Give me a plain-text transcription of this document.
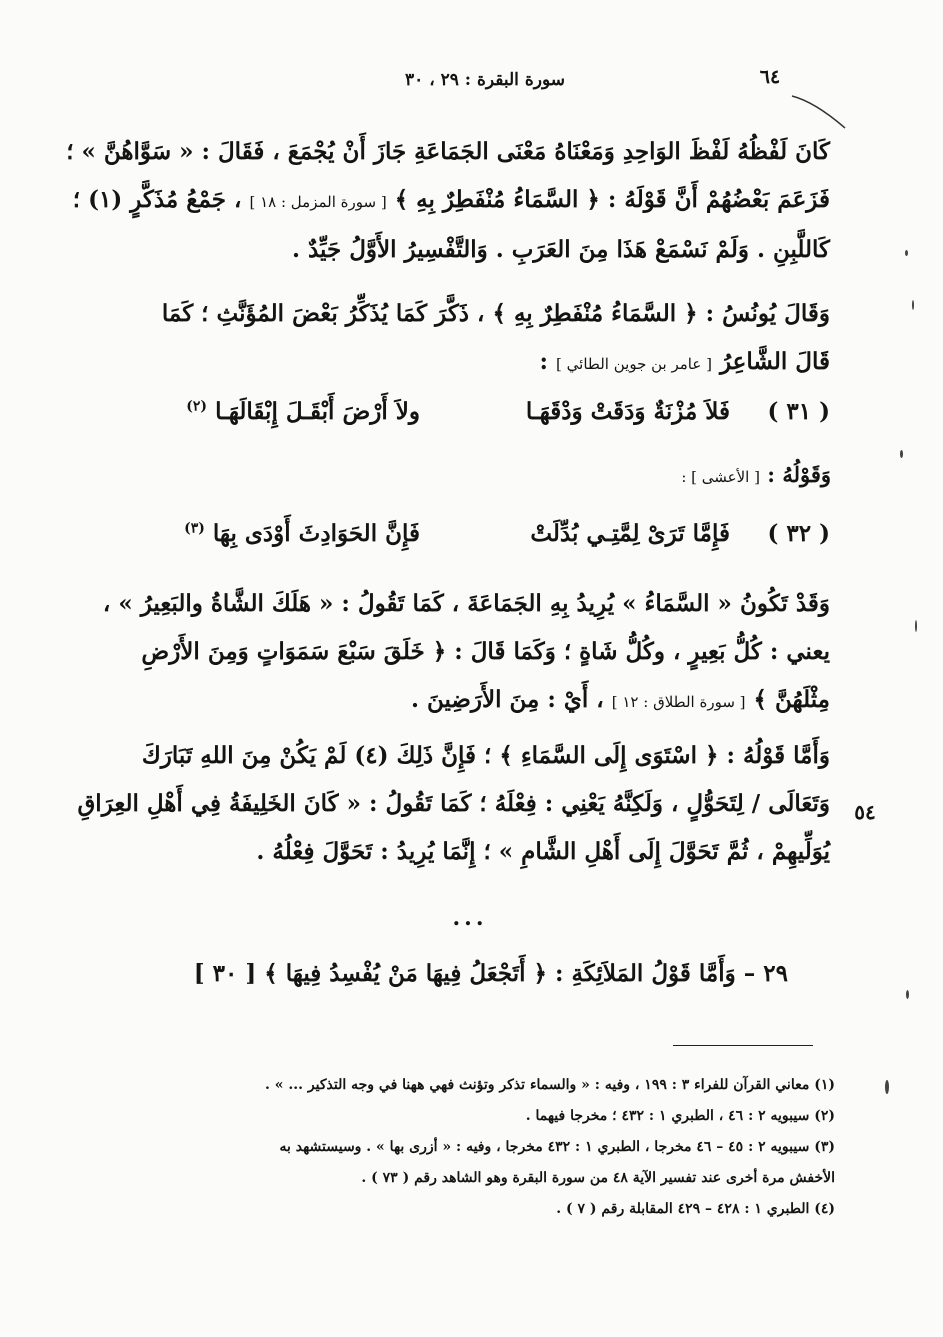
٦٤
سورة البقرة : ٢٩ ، ٣٠
كَانَ لَفْظُهُ لَفْظَ الوَاحِدِ وَمَعْنَاهُ مَعْنَى الجَمَاعَةِ جَازَ أَنْ يُجْمَعَ ، فَقَالَ : « سَوَّاهُنَّ » ؛
فَزَعَمَ بَعْضُهُمْ أَنَّ قَوْلَهُ : ﴿ السَّمَاءُ مُنْفَطِرٌ بِهِ ﴾ [ سورة المزمل : ١٨ ] ، جَمْعُ مُذَكَّرٍ (١) ؛
كَاللَّبِنِ . وَلَمْ نَسْمَعْ هَذَا مِنَ العَرَبِ . وَالتَّفْسِيرُ الأَوَّلُ جَيِّدٌ .
وَقَالَ يُونُسُ : ﴿ السَّمَاءُ مُنْفَطِرٌ بِهِ ﴾ ، ذَكَّرَ كَمَا يُذَكِّرُ بَعْضَ المُؤَنَّثِ ؛ كَمَا
قَالَ الشَّاعِرُ [ عامر بن جوين الطائي ] :
( ٣١ )
فَلاَ مُزْنَةٌ وَدَقَتْ وَدْقَهَـا
ولاَ أَرْضَ أَبْقَـلَ إِبْقَالَهَـا $^{(٢)}$
وَقَوْلُهُ : [ الأعشى ] :
( ٣٢ )
فَإِمَّا تَرَىْ لِمَّتِـي بُدِّلَتْ
فَإِنَّ الحَوَادِثَ أَوْدَى بِهَا $^{(٣)}$
وَقَدْ تَكُونُ « السَّمَاءُ » يُرِيدُ بِهِ الجَمَاعَةَ ، كَمَا تَقُولُ : « هَلَكَ الشَّاةُ والبَعِيرُ » ،
يعني : كُلُّ بَعِيرٍ ، وكُلُّ شَاةٍ ؛ وَكَمَا قَالَ : ﴿ خَلَقَ سَبْعَ سَمَوَاتٍ وَمِنَ الأَرْضِ
مِثْلَهُنَّ ﴾ [ سورة الطلاق : ١٢ ] ، أَيْ : مِنَ الأَرَضِينَ .
وَأَمَّا قَوْلُهُ : ﴿ اسْتَوَى إِلَى السَّمَاءِ ﴾ ؛ فَإِنَّ ذَلِكَ (٤) لَمْ يَكُنْ مِنَ اللهِ تَبَارَكَ
وَتَعَالَى / لِتَحَوُّلٍ ، وَلَكِنَّهُ يَعْنِي : فِعْلَهُ ؛ كَمَا تَقُولُ : « كَانَ الخَلِيفَةُ فِي أَهْلِ العِرَاقِ
يُوَلِّيهِمْ ، ثُمَّ تَحَوَّلَ إِلَى أَهْلِ الشَّامِ » ؛ إِنَّمَا يُرِيدُ : تَحَوَّلَ فِعْلُهُ .
٥٤
...
٢٩ – وَأَمَّا قَوْلُ المَلاَئِكَةِ : ﴿ أَتَجْعَلُ فِيهَا مَنْ يُفْسِدُ فِيهَا ﴾ [ ٣٠ ]
(١) معاني القرآن للفراء ٣ : ١٩٩ ، وفيه : « والسماء تذكر وتؤنث فهي ههنا في وجه التذكير ... » .
(٢) سيبويه ٢ : ٤٦ ، الطبري ١ : ٤٣٢ ؛ مخرجا فيهما .
(٣) سيبويه ٢ : ٤٥ – ٤٦ مخرجا ، الطبري ١ : ٤٣٢ مخرجا ، وفيه : « أزرى بها » . وسيستشهد به
الأخفش مرة أخرى عند تفسير الآية ٤٨ من سورة البقرة وهو الشاهد رقم ( ٧٣ ) .
(٤) الطبري ١ : ٤٢٨ – ٤٢٩ المقابلة رقم ( ٧ ) .
